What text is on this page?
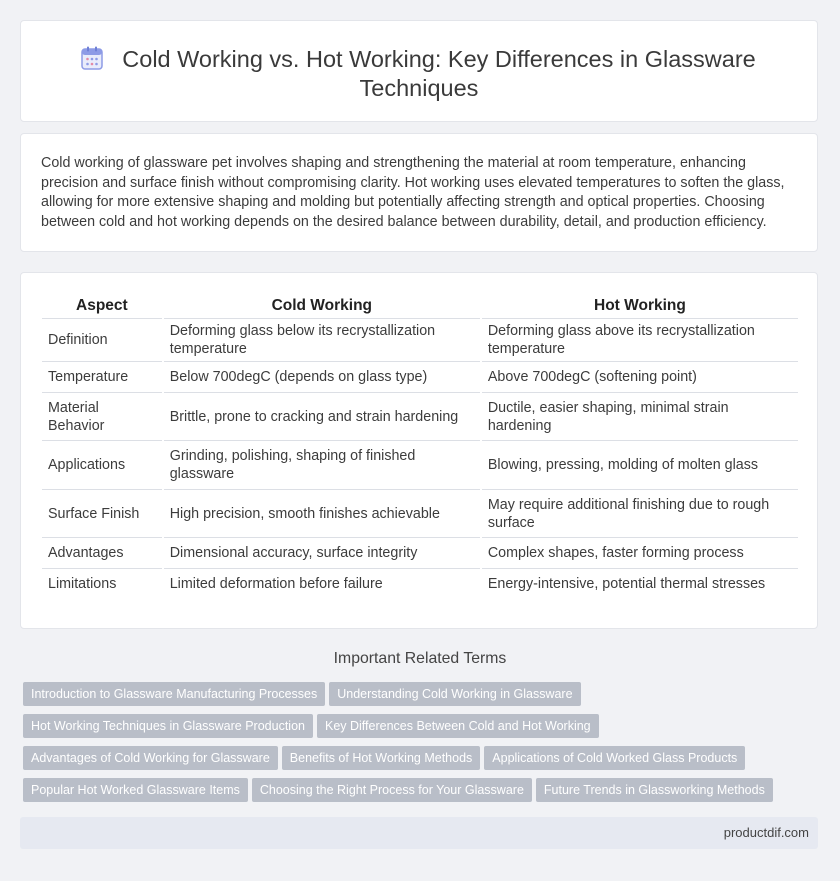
Cold Working vs. Hot Working: Key Differences in Glassware
Techniques

Cold working of glassware pet involves shaping and strengthening the material at room temperature, enhancing precision and surface finish without compromising clarity. Hot working uses elevated temperatures to soften the glass, allowing for more extensive shaping and molding but potentially affecting strength and optical properties. Choosing between cold and hot working depends on the desired balance between durability, detail, and production efficiency.

Aspect	Cold Working	Hot Working
Definition	Deforming glass below its recrystallization temperature	Deforming glass above its recrystallization temperature
Temperature	Below 700degC (depends on glass type)	Above 700degC (softening point)
Material Behavior	Brittle, prone to cracking and strain hardening	Ductile, easier shaping, minimal strain hardening
Applications	Grinding, polishing, shaping of finished glassware	Blowing, pressing, molding of molten glass
Surface Finish	High precision, smooth finishes achievable	May require additional finishing due to rough surface
Advantages	Dimensional accuracy, surface integrity	Complex shapes, faster forming process
Limitations	Limited deformation before failure	Energy-intensive, potential thermal stresses
Important Related Terms
Introduction to Glassware Manufacturing Processes Understanding Cold Working in Glassware
Hot Working Techniques in Glassware Production Key Differences Between Cold and Hot Working
Advantages of Cold Working for Glassware Benefits of Hot Working Methods Applications of Cold Worked Glass Products
Popular Hot Worked Glassware Items Choosing the Right Process for Your Glassware Future Trends in Glassworking Methods
productdif.com
